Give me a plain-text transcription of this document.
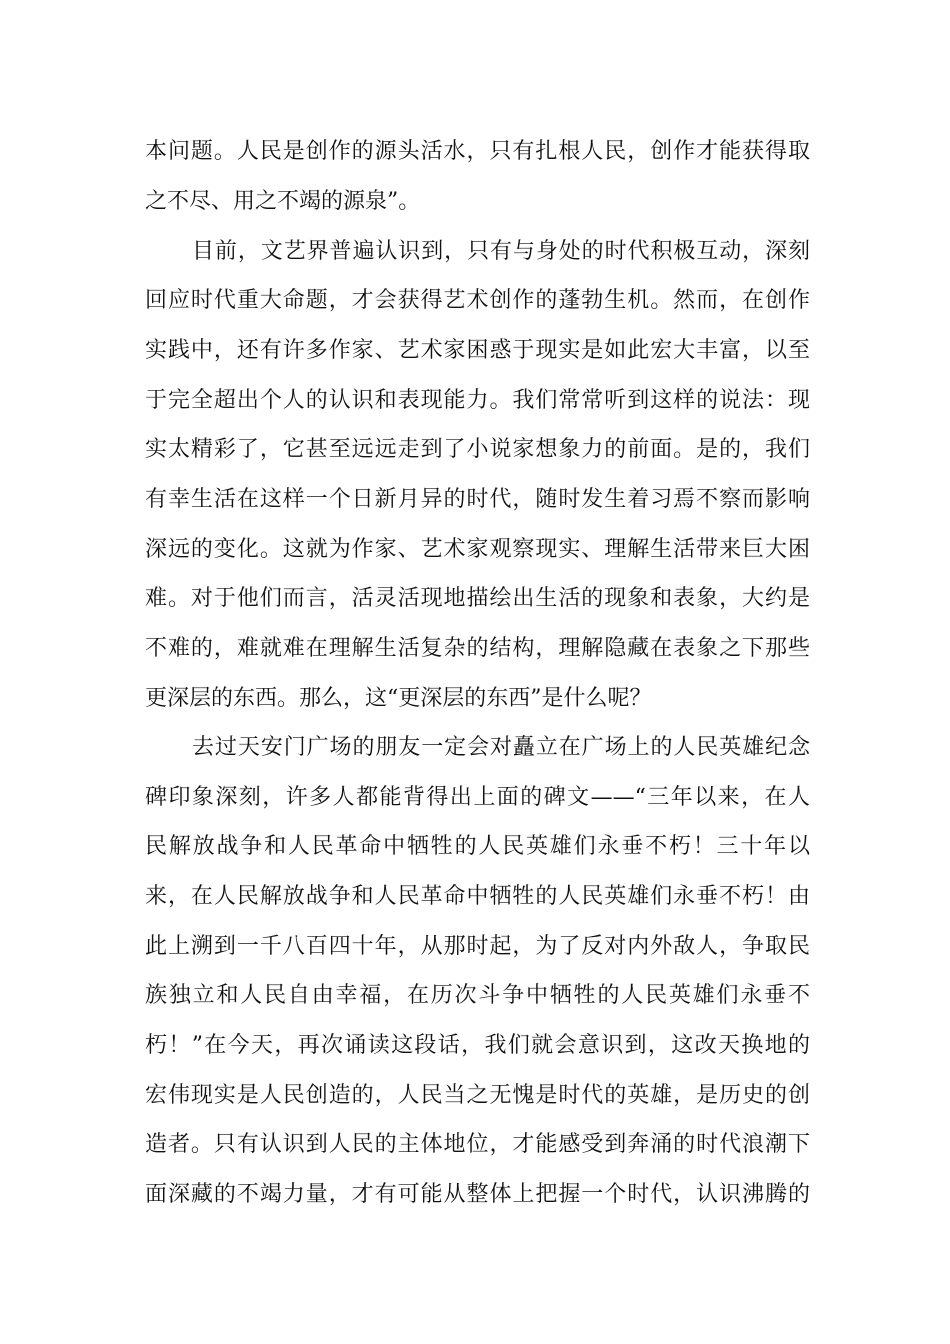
本问题。人民是创作的源头活水，只有扎根人民，创作才能获得取
之不尽、用之不竭的源泉”。
目前，文艺界普遍认识到，只有与身处的时代积极互动，深刻
回应时代重大命题，才会获得艺术创作的蓬勃生机。然而，在创作
实践中，还有许多作家、艺术家困惑于现实是如此宏大丰富，以至
于完全超出个人的认识和表现能力。我们常常听到这样的说法：现
实太精彩了，它甚至远远走到了小说家想象力的前面。是的，我们
有幸生活在这样一个日新月异的时代，随时发生着习焉不察而影响
深远的变化。这就为作家、艺术家观察现实、理解生活带来巨大困
难。对于他们而言，活灵活现地描绘出生活的现象和表象，大约是
不难的，难就难在理解生活复杂的结构，理解隐藏在表象之下那些
更深层的东西。那么，这“更深层的东西”是什么呢？
去过天安门广场的朋友一定会对矗立在广场上的人民英雄纪念
碑印象深刻，许多人都能背得出上面的碑文——“三年以来，在人
民解放战争和人民革命中牺牲的人民英雄们永垂不朽！三十年以
来，在人民解放战争和人民革命中牺牲的人民英雄们永垂不朽！由
此上溯到一千八百四十年，从那时起，为了反对内外敌人，争取民
族独立和人民自由幸福，在历次斗争中牺牲的人民英雄们永垂不
朽！”在今天，再次诵读这段话，我们就会意识到，这改天换地的
宏伟现实是人民创造的，人民当之无愧是时代的英雄，是历史的创
造者。只有认识到人民的主体地位，才能感受到奔涌的时代浪潮下
面深藏的不竭力量，才有可能从整体上把握一个时代，认识沸腾的
